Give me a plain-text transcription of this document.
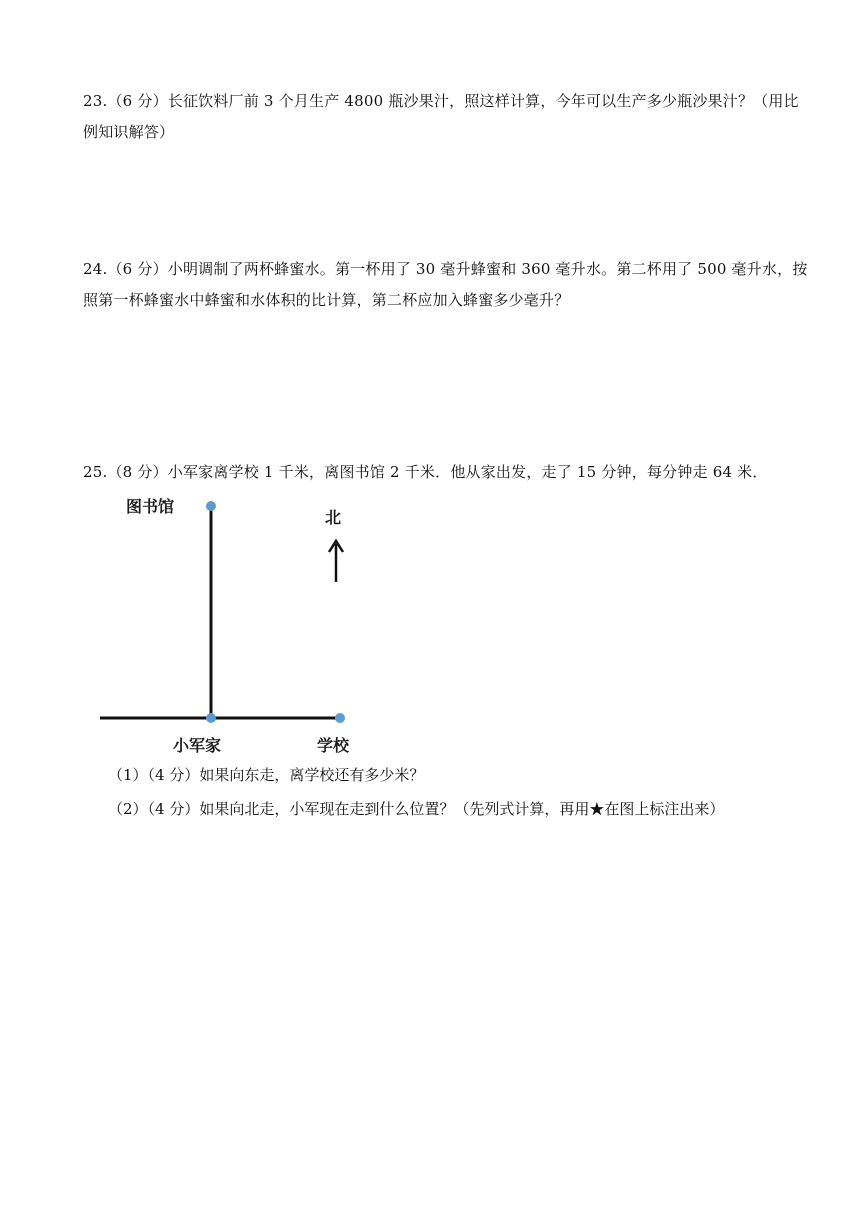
23.（6 分）长征饮料厂前 3 个月生产 4800 瓶沙果汁，照这样计算，今年可以生产多少瓶沙果汁？（用比例知识解答）
24.（6 分）小明调制了两杯蜂蜜水。第一杯用了 30 毫升蜂蜜和 360 毫升水。第二杯用了 500 毫升水，按照第一杯蜂蜜水中蜂蜜和水体积的比计算，第二杯应加入蜂蜜多少毫升？
25.（8 分）小军家离学校 1 千米，离图书馆 2 千米．他从家出发，走了 15 分钟，每分钟走 64 米．
图书馆
北
小军家	学校
（1）（4 分）如果向东走，离学校还有多少米？
（2）（4 分）如果向北走，小军现在走到什么位置？（先列式计算，再用★在图上标注出来）
